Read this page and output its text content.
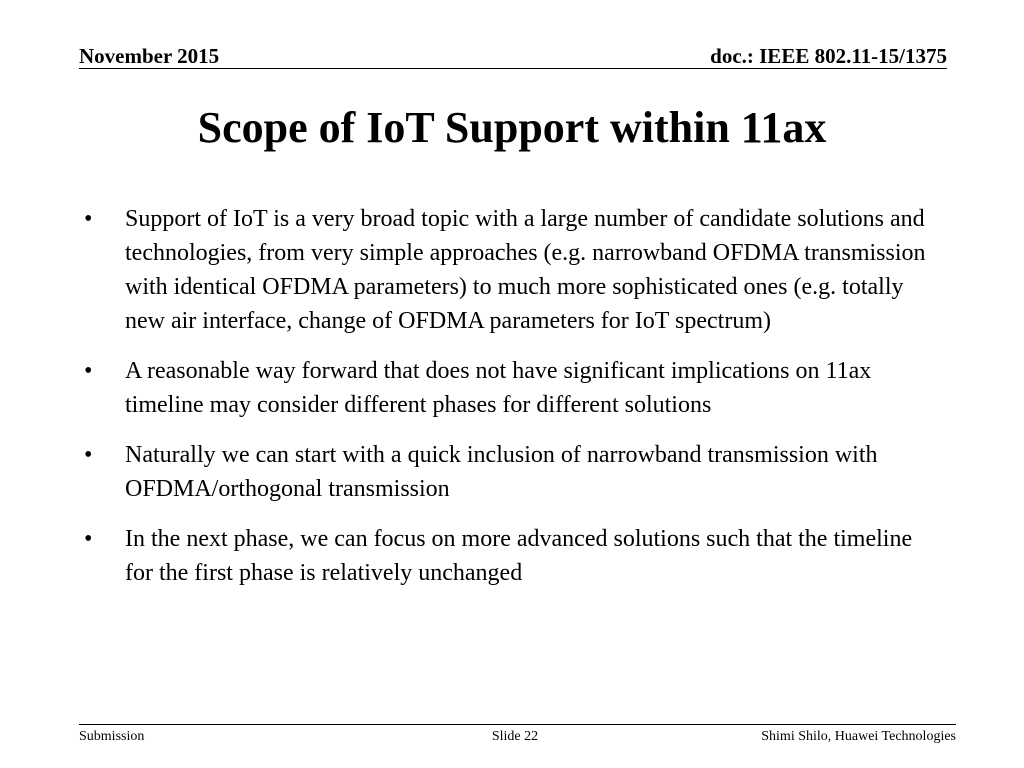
November 2015	doc.: IEEE 802.11-15/1375
Scope of IoT Support within 11ax
•	Support of IoT is a very broad topic with a large number of candidate solutions and technologies, from very simple approaches (e.g. narrowband OFDMA transmission with identical OFDMA parameters) to much more sophisticated ones (e.g. totally new air interface, change of OFDMA parameters for IoT spectrum)
•	A reasonable way forward that does not have significant implications on 11ax timeline may consider different phases for different solutions
•	Naturally we can start with a quick inclusion of narrowband transmission with OFDMA/orthogonal transmission
•	In the next phase, we can focus on more advanced solutions such that the timeline for the first phase is relatively unchanged
Submission	Slide 22	Shimi Shilo, Huawei Technologies
